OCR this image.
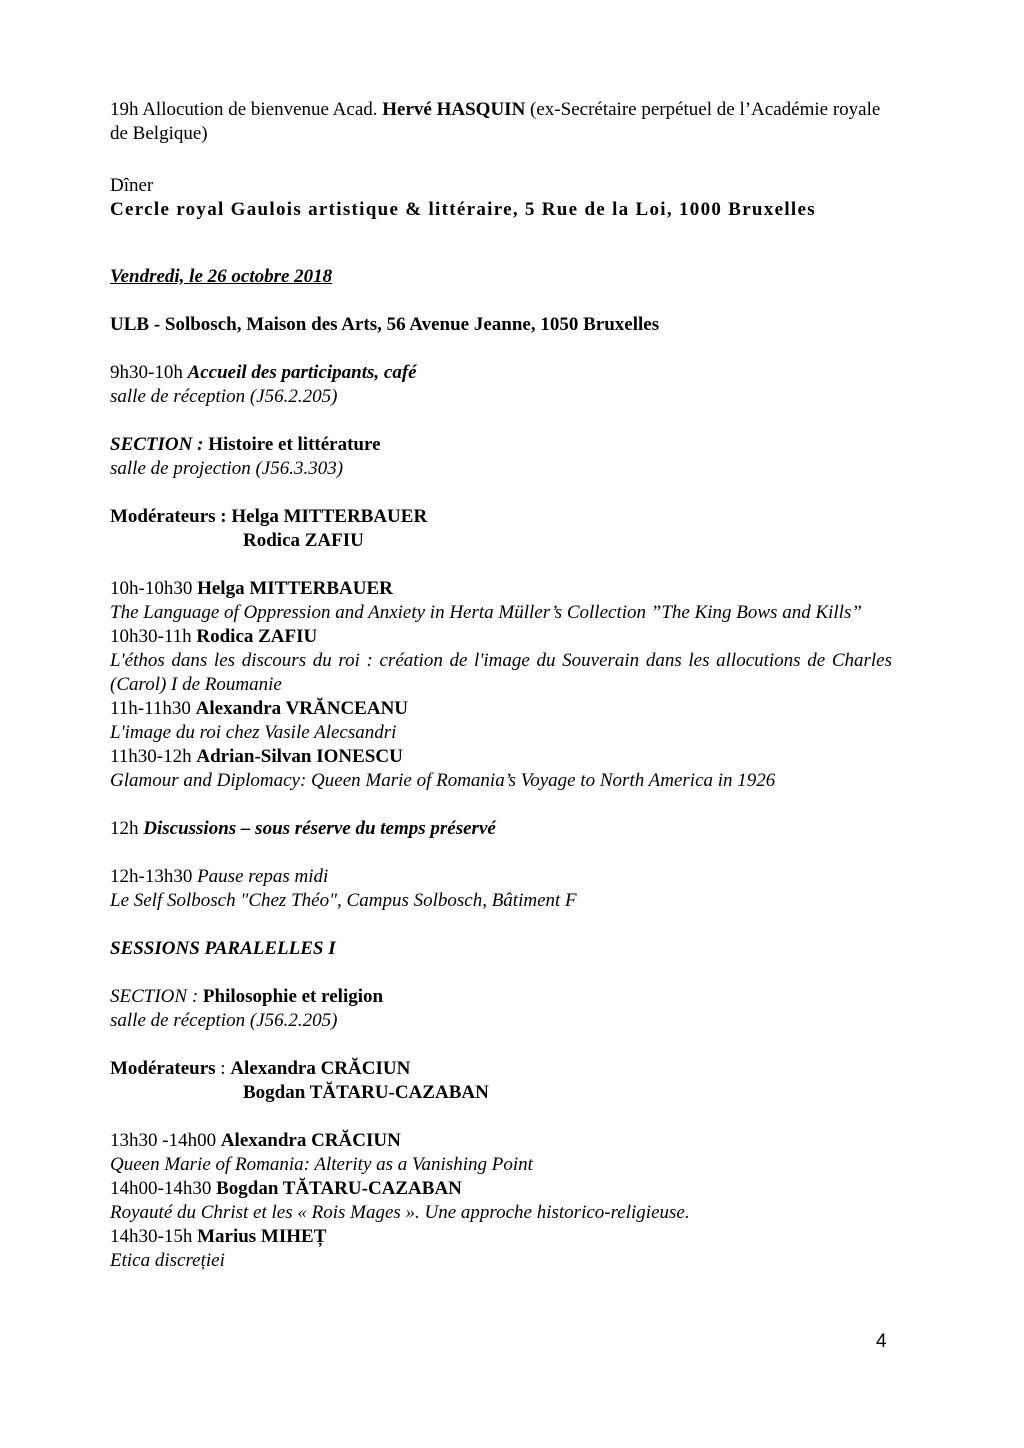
19h Allocution de bienvenue Acad. Hervé HASQUIN (ex-Secrétaire perpétuel de l’Académie royale de Belgique)
Dîner
Cercle royal Gaulois artistique & littéraire, 5 Rue de la Loi, 1000 Bruxelles
Vendredi, le 26 octobre 2018
ULB - Solbosch, Maison des Arts, 56 Avenue Jeanne, 1050 Bruxelles
9h30-10h Accueil des participants, café
salle de réception (J56.2.205)
SECTION : Histoire et littérature
salle de projection (J56.3.303)
Modérateurs : Helga MITTERBAUER
Rodica ZAFIU
10h-10h30 Helga MITTERBAUER
The Language of Oppression and Anxiety in Herta Müller’s Collection ”The King Bows and Kills”
10h30-11h Rodica ZAFIU
L'éthos dans les discours du roi : création de l'image du Souverain dans les allocutions de Charles (Carol) I de Roumanie
11h-11h30 Alexandra VRĂNCEANU
L'image du roi chez Vasile Alecsandri
11h30-12h Adrian-Silvan IONESCU
Glamour and Diplomacy: Queen Marie of Romania’s Voyage to North America in 1926
12h Discussions – sous réserve du temps préservé
12h-13h30 Pause repas midi
Le Self Solbosch "Chez Théo", Campus Solbosch, Bâtiment F
SESSIONS PARALELLES I
SECTION : Philosophie et religion
salle de réception (J56.2.205)
Modérateurs : Alexandra CRĂCIUN
Bogdan TĂTARU-CAZABAN
13h30 -14h00 Alexandra CRĂCIUN
Queen Marie of Romania: Alterity as a Vanishing Point
14h00-14h30 Bogdan TĂTARU-CAZABAN
Royauté du Christ et les « Rois Mages ». Une approche historico-religieuse.
14h30-15h Marius MIHEȚ
Etica discreției
4
